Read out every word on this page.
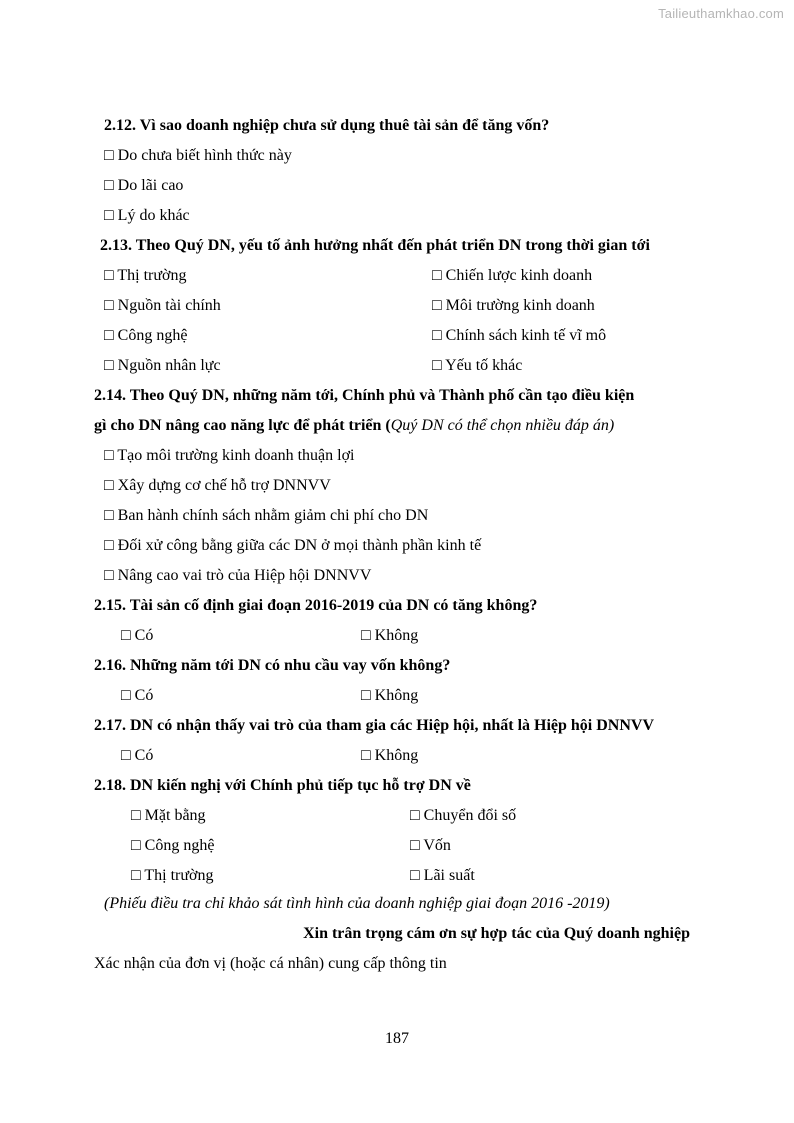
Tailieuthamkhao.com
2.12. Vì sao doanh nghiệp chưa sử dụng thuê tài sản để tăng vốn?
□ Do chưa biết hình thức này
□ Do lãi cao
□ Lý do khác
2.13. Theo Quý DN, yếu tố ảnh hưởng nhất đến phát triển DN trong thời gian tới
□ Thị trường	□ Chiến lược kinh doanh
□ Nguồn tài chính	□ Môi trường kinh doanh
□ Công nghệ	□ Chính sách kinh tế vĩ mô
□ Nguồn nhân lực	□ Yếu tố khác
2.14. Theo Quý DN, những năm tới, Chính phủ và Thành phố cần tạo điều kiện
gì cho DN nâng cao năng lực để phát triển (Quý DN có thể chọn nhiều đáp án)
□ Tạo môi trường kinh doanh thuận lợi
□ Xây dựng cơ chế hỗ trợ DNNVV
□ Ban hành chính sách nhằm giảm chi phí cho DN
□ Đối xử công bằng giữa các DN ở mọi thành phần kinh tế
□ Nâng cao vai trò của Hiệp hội DNNVV
2.15. Tài sản cố định giai đoạn 2016-2019 của DN có tăng không?
□ Có	□ Không
2.16. Những năm tới DN có nhu cầu vay vốn không?
□ Có	□ Không
2.17. DN có nhận thấy vai trò của tham gia các Hiệp hội, nhất là Hiệp hội DNNVV
□ Có	□ Không
2.18. DN kiến nghị với Chính phủ tiếp tục hỗ trợ DN về
□ Mặt bằng	□ Chuyển đổi số
□ Công nghệ	□ Vốn
□ Thị trường	□ Lãi suất
(Phiếu điều tra chỉ khảo sát tình hình của doanh nghiệp giai đoạn 2016 -2019)
Xin trân trọng cám ơn sự hợp tác của Quý doanh nghiệp
Xác nhận của đơn vị (hoặc cá nhân) cung cấp thông tin
187
